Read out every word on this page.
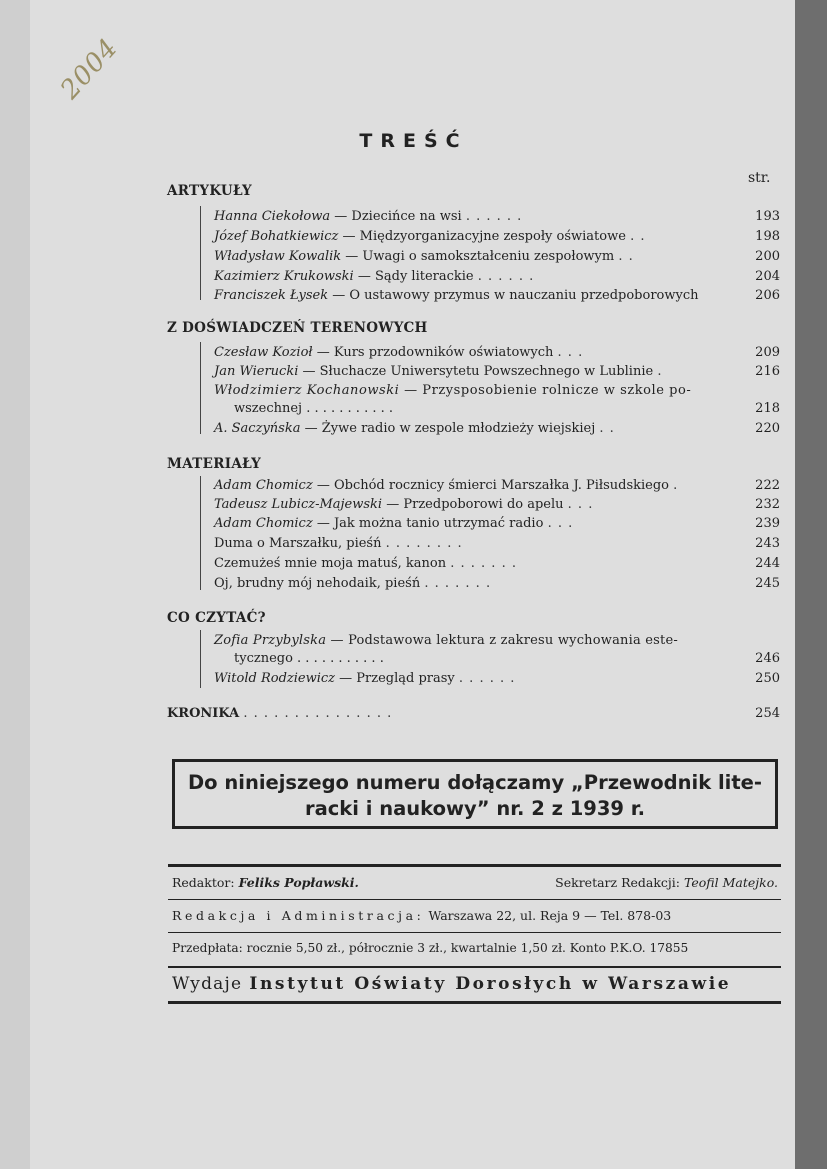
2004
TREŚĆ
str.
ARTYKUŁY
Hanna Ciekołowa — Dziecińce na wsi . . . . . .	193
Józef Bohatkiewicz — Międzyorganizacyjne zespoły oświatowe . .	198
Władysław Kowalik — Uwagi o samokształceniu zespołowym . .	200
Kazimierz Krukowski — Sądy literackie . . . . . .	204
Franciszek Łysek — O ustawowy przymus w nauczaniu przedpoborowych	206
Z DOŚWIADCZEŃ TERENOWYCH
Czesław Kozioł — Kurs przodowników oświatowych . . .	209
Jan Wierucki — Słuchacze Uniwersytetu Powszechnego w Lublinie .	216
Włodzimierz Kochanowski — Przysposobienie rolnicze w szkole po-
wszechnej . . . . . . . . . . .	218
A. Saczyńska — Żywe radio w zespole młodzieży wiejskiej . .	220
MATERIAŁY
Adam Chomicz — Obchód rocznicy śmierci Marszałka J. Piłsudskiego .	222
Tadeusz Lubicz-Majewski — Przedpoborowi do apelu . . .	232
Adam Chomicz — Jak można tanio utrzymać radio . . .	239
Duma o Marszałku, pieśń . . . . . . . .	243
Czemużeś mnie moja matuś, kanon . . . . . . .	244
Oj, brudny mój nehodaik, pieśń . . . . . . .	245
CO CZYTAĆ?
Zofia Przybylska — Podstawowa lektura z zakresu wychowania este-
tycznego . . . . . . . . . . .	246
Witold Rodziewicz — Przegląd prasy . . . . . .	250
KRONIKA . . . . . . . . . . . . . . .	254
Do niniejszego numeru dołączamy „Przewodnik lite-
racki i naukowy” nr. 2 z 1939 r.
Redaktor: Feliks Popławski.	Sekretarz Redakcji: Teofil Matejko.
Redakcja i Administracja: Warszawa 22, ul. Reja 9 — Tel. 878-03
Przedpłata: rocznie 5,50 zł., półrocznie 3 zł., kwartalnie 1,50 zł. Konto P.K.O. 17855
Wydaje Instytut Oświaty Dorosłych w Warszawie
